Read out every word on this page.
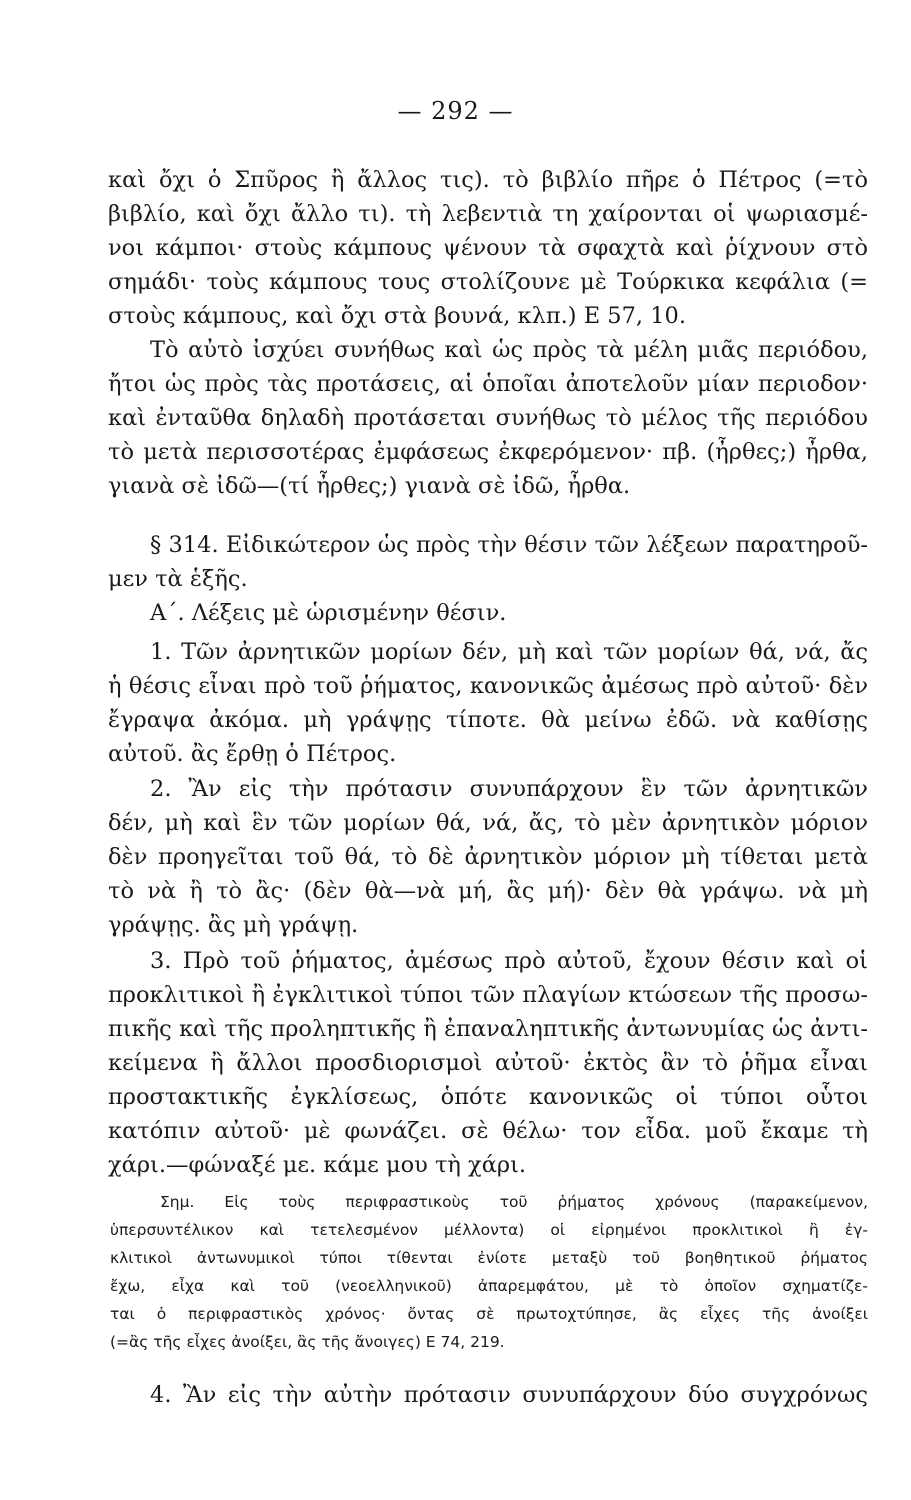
— 292 —
καὶ ὄχι ὁ Σπῦρος ἢ ἄλλος τις). τὸ βιβλίο πῆρε ὁ Πέτρος (=τὸ
βιβλίο, καὶ ὄχι ἄλλο τι). τὴ λεβεντιὰ τη χαίρονται οἱ ψωριασμέ-
νοι κάμποι· στοὺς κάμπους ψένουν τὰ σφαχτὰ καὶ ῥίχνουν στὸ
σημάδι· τοὺς κάμπους τους στολίζουνε μὲ Τούρκικα κεφάλια (=
στοὺς κάμπους, καὶ ὄχι στὰ βουνά, κλπ.) Ε 57, 10.
Τὸ αὐτὸ ἰσχύει συνήθως καὶ ὡς πρὸς τὰ μέλη μιᾶς περιόδου,
ἤτοι ὡς πρὸς τὰς προτάσεις, αἱ ὁποῖαι ἀποτελοῦν μίαν περιοδον·
καὶ ἐνταῦθα δηλαδὴ προτάσεται συνήθως τὸ μέλος τῆς περιόδου
τὸ μετὰ περισσοτέρας ἐμφάσεως ἐκφερόμενον· πβ. (ἦρθες;) ἦρθα,
γιανὰ σὲ ἰδῶ—(τί ἦρθες;) γιανὰ σὲ ἰδῶ, ἦρθα.
§ 314. Εἰδικώτερον ὡς πρὸς τὴν θέσιν τῶν λέξεων παρατηροῦ-
μεν τὰ ἑξῆς.
Α΄. Λέξεις μὲ ὡρισμένην θέσιν.
1. Τῶν ἀρνητικῶν μορίων δέν, μὴ καὶ τῶν μορίων θά, νά, ἄς
ἡ θέσις εἶναι πρὸ τοῦ ῥήματος, κανονικῶς ἀμέσως πρὸ αὐτοῦ· δὲν
ἔγραψα ἀκόμα. μὴ γράψῃς τίποτε. θὰ μείνω ἐδῶ. νὰ καθίσῃς
αὐτοῦ. ἂς ἔρθῃ ὁ Πέτρος.
2. Ἂν εἰς τὴν πρότασιν συνυπάρχουν ἓν τῶν ἀρνητικῶν
δέν, μὴ καὶ ἓν τῶν μορίων θά, νά, ἄς, τὸ μὲν ἀρνητικὸν μόριον
δὲν προηγεῖται τοῦ θά, τὸ δὲ ἀρνητικὸν μόριον μὴ τίθεται μετὰ
τὸ νὰ ἢ τὸ ἂς· (δὲν θὰ—νὰ μή, ἂς μή)· δὲν θὰ γράψω. νὰ μὴ
γράψῃς. ἂς μὴ γράψῃ.
3. Πρὸ τοῦ ῥήματος, ἀμέσως πρὸ αὐτοῦ, ἔχουν θέσιν καὶ οἱ
προκλιτικοὶ ἢ ἐγκλιτικοὶ τύποι τῶν πλαγίων κτώσεων τῆς προσω-
πικῆς καὶ τῆς προληπτικῆς ἢ ἐπαναληπτικῆς ἀντωνυμίας ὡς ἀντι-
κείμενα ἢ ἄλλοι προσδιορισμοὶ αὐτοῦ· ἐκτὸς ἂν τὸ ῥῆμα εἶναι
προστακτικῆς ἐγκλίσεως, ὁπότε κανονικῶς οἱ τύποι οὗτοι
κατόπιν αὐτοῦ· μὲ φωνάζει. σὲ θέλω· τον εἶδα. μοῦ ἔκαμε τὴ
χάρι.—φώναξέ με. κάμε μου τὴ χάρι.
Σημ. Εἰς τοὺς περιφραστικοὺς τοῦ ῥήματος χρόνους (παρακείμενον,
ὑπερσυντέλικον καὶ τετελεσμένον μέλλοντα) οἱ εἰρημένοι προκλιτικοὶ ἢ ἐγ-
κλιτικοὶ ἀντωνυμικοὶ τύποι τίθενται ἐνίοτε μεταξὺ τοῦ βοηθητικοῦ ῥήματος
ἔχω, εἶχα καὶ τοῦ (νεοελληνικοῦ) ἀπαρεμφάτου, μὲ τὸ ὁποῖον σχηματίζε-
ται ὁ περιφραστικὸς χρόνος· ὄντας σὲ πρωτοχτύπησε, ἂς εἶχες τῆς ἀνοίξει
(=ἂς τῆς εἶχες ἀνοίξει, ἂς τῆς ἄνοιγες) Ε 74, 219.
4. Ἂν εἰς τὴν αὐτὴν πρότασιν συνυπάρχουν δύο συγχρόνως
